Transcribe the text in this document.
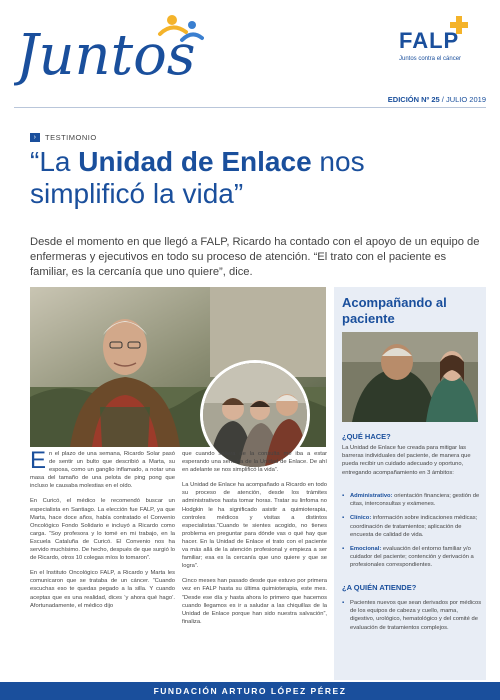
Juntos	FALP
Juntos contra el cáncer
EDICIÓN Nº 25 / JULIO 2019
›	TESTIMONIO
“La Unidad de Enlace nos simplificó la vida”

Desde el momento en que llegó a FALP, Ricardo ha contado con el apoyo de un equipo de enfermeras y ejecutivos en todo su proceso de atención. “El trato con el paciente es familiar, es la cercanía que uno quiere”, dice.

Acompañando al paciente
¿QUÉ HACE?

La Unidad de Enlace fue creada para mitigar las barreras individuales del paciente, de manera que pueda recibir un cuidado adecuado y oportuno, entregando acompañamiento en 3 ámbitos:

▪ Administrativo: orientación financiera; gestión de citas, interconsultas y exámenes.
▪ Clínico: información sobre indicaciones médicas; coordinación de tratamientos; aplicación de encuesta de calidad de vida.
▪ Emocional: evaluación del entorno familiar y/o cuidador del paciente; contención y derivación a profesionales correspondientes.
¿A QUIÉN ATIENDE?
▪ Pacientes nuevos que sean derivados por médicos de los equipos de cabeza y cuello, mama, digestivo, urológico, hematológico y del comité de evaluación de tratamientos complejos.

En el plazo de una semana, Ricardo Solar pasó de sentir un bulto que describió a Marta, su esposa, como un ganglio inflamado, a notar una masa del tamaño de una pelota de ping pong que incluso le causaba molestias en el oído.

En Curicó, el médico le recomendó buscar un especialista en Santiago. La elección fue FALP, ya que Marta, hace doce años, había contratado el Convenio Oncológico Fondo Solidario e incluyó a Ricardo como carga. “Soy profesora y lo tomé en mi trabajo, en la Escuela Cataluña de Curicó. El Convenio nos ha servido muchísimo. De hecho, después de que surgió lo de Ricardo, otros 10 colegas míos lo tomaron”.

En el Instituto Oncológico FALP, a Ricardo y Marta les comunicaron que se trataba de un cáncer. “Cuando escuchas eso te quedas pegado a la silla. Y cuando aceptas que es una realidad, dices ‘y ahora qué hago’. Afortunadamente, el médico dijo

que cuando saliera de la consulta me iba a estar esperando una señorita de la Unidad de Enlace. De ahí en adelante se nos simplificó la vida”.

La Unidad de Enlace ha acompañado a Ricardo en todo su proceso de atención, desde los trámites administrativos hasta tomar horas. Tratar su linfoma no Hodgkin le ha significado asistir a quimioterapia, controles médicos y visitas a distintos especialistas.“Cuando te sientes acogido, no tienes problema en preguntar para dónde vas o qué hay que hacer. En la Unidad de Enlace el trato con el paciente va más allá de la atención profesional y empieza a ser familiar; esa es la cercanía que uno quiere y que se logra”.

Cinco meses han pasado desde que estuvo por primera vez en FALP hasta su última quimioterapia, este mes. “Desde ese día y hasta ahora lo primero que hacemos cuando llegamos es ir a saludar a las chiquillas de la Unidad de Enlace porque han sido nuestra salvación”, finaliza.

FUNDACIÓN ARTURO LÓPEZ PÉREZ
